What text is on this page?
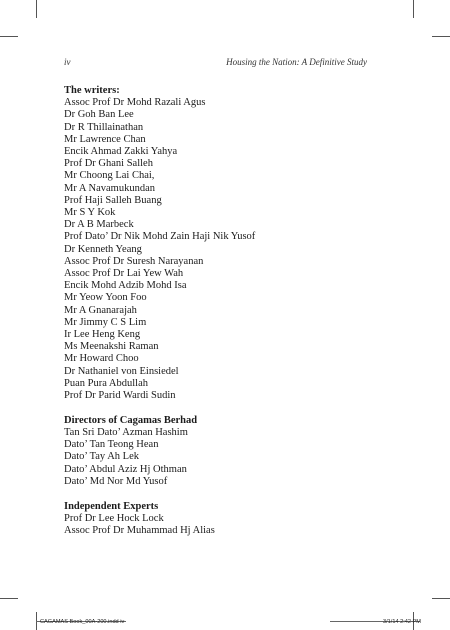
iv	Housing the Nation: A Definitive Study
The writers:
Assoc Prof Dr Mohd Razali Agus
Dr Goh Ban Lee
Dr R Thillainathan
Mr Lawrence Chan
Encik Ahmad Zakki Yahya
Prof Dr Ghani Salleh
Mr Choong Lai Chai,
Mr A Navamukundan
Prof Haji Salleh Buang
Mr S Y Kok
Dr A B Marbeck
Prof Dato’ Dr Nik Mohd Zain Haji Nik Yusof
Dr Kenneth Yeang
Assoc Prof Dr Suresh Narayanan
Assoc Prof Dr Lai Yew Wah
Encik Mohd Adzib Mohd Isa
Mr Yeow Yoon Foo
Mr A Gnanarajah
Mr Jimmy C S Lim
Ir Lee Heng Keng
Ms Meenakshi Raman
Mr Howard Choo
Dr Nathaniel von Einsiedel
Puan Pura Abdullah
Prof Dr Parid Wardi Sudin
Directors of Cagamas Berhad
Tan Sri Dato’ Azman Hashim
Dato’ Tan Teong Hean
Dato’ Tay Ah Lek
Dato’ Abdul Aziz Hj Othman
Dato’ Md Nor Md Yusof
Independent Experts
Prof Dr Lee Hock Lock
Assoc Prof Dr Muhammad Hj Alias
CAGAMAS Book_00A-200.indd iv	3/1/14 2:42 PM
